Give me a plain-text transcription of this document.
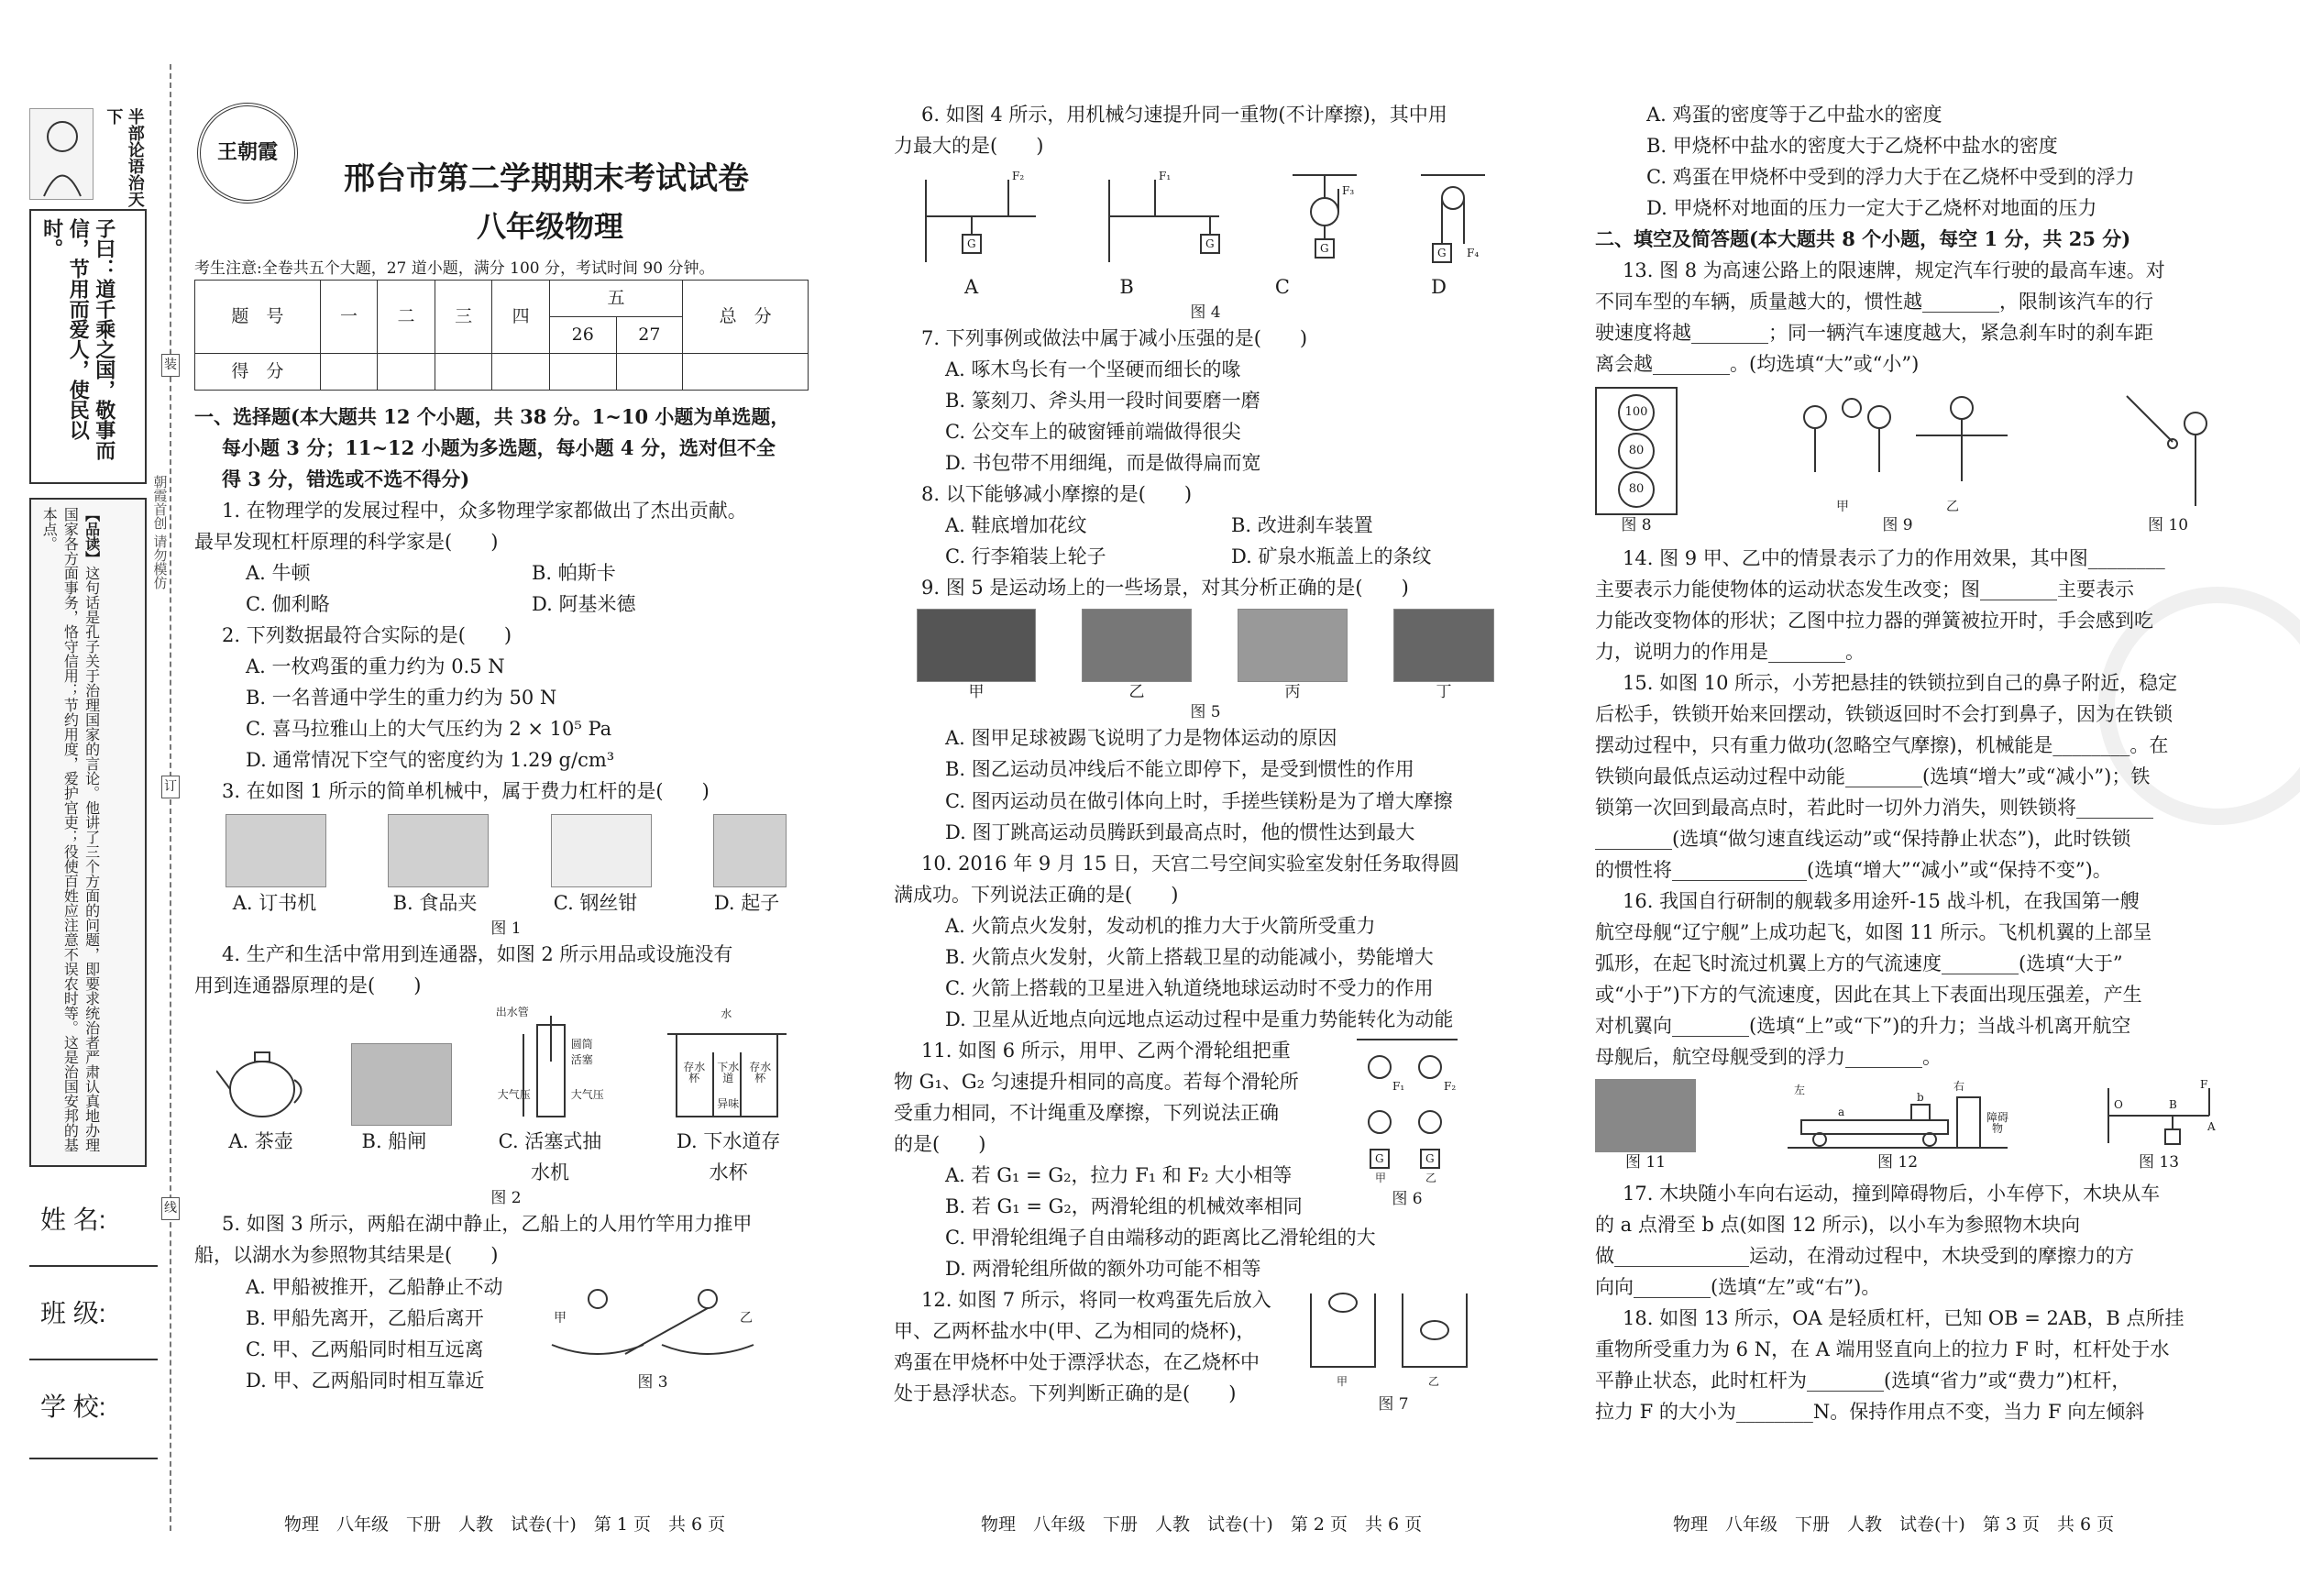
半部论语治天下
子曰：道千乘之国，敬事而信，节用而爱人，使民以时。
【品读】这句话是孔子关于治理国家的言论。他讲了三个方面的问题，即要求统治者严肃认真地办理国家各方面事务，恪守信用；节约用度，爱护官吏；役使百姓应注意不误农时等。这是治国安邦的基本点。	朝霞首创 请勿模仿
装
订
线
姓 名:
班 级:
学 校:
王朝霞
邢台市第二学期期末考试试卷
八年级物理
考生注意:全卷共五个大题，27 道小题，满分 100 分，考试时间 90 分钟。
题　号	一	二	三	四	五		总　分
					26	27	
得　分							
一、选择题(本大题共 12 个小题，共 38 分。1~10 小题为单选题，
每小题 3 分；11~12 小题为多选题，每小题 4 分，选对但不全
得 3 分，错选或不选不得分)
1. 在物理学的发展过程中，众多物理学家都做出了杰出贡献。
最早发现杠杆原理的科学家是(　　)
A. 牛顿	B. 帕斯卡
C. 伽利略	D. 阿基米德
2. 下列数据最符合实际的是(　　)
A. 一枚鸡蛋的重力约为 0.5 N
B. 一名普通中学生的重力约为 50 N
C. 喜马拉雅山上的大气压约为 2 × 10⁵ Pa
D. 通常情况下空气的密度约为 1.29 g/cm³
3. 在如图 1 所示的简单机械中，属于费力杠杆的是(　　)
A. 订书机	B. 食品夹	C. 钢丝钳	D. 起子
图 1
4. 生产和生活中常用到连通器，如图 2 所示用品或设施没有
用到连通器原理的是(　　)
出水管
圆筒
活塞
大气压	大气压
水
存水杯
下水道
存水杯
异味
A. 茶壶	B. 船闸	C. 活塞式抽水机
D. 下水道存水杯
图 2
5. 如图 3 所示，两船在湖中静止，乙船上的人用竹竿用力推甲
船，以湖水为参照物其结果是(　　)
A. 甲船被推开，乙船静止不动
B. 甲船先离开，乙船后离开
C. 甲、乙两船同时相互远离
D. 甲、乙两船同时相互靠近
甲	乙
图 3
物理　八年级　下册　人教　试卷(十)　第 1 页　共 6 页
6. 如图 4 所示，用机械匀速提升同一重物(不计摩擦)，其中用
力最大的是(　　)
F₂
G
F₁
G
F₃
G	F₄
G
A	B	C	D
图 4
7. 下列事例或做法中属于减小压强的是(　　)
A. 啄木鸟长有一个坚硬而细长的喙
B. 篆刻刀、斧头用一段时间要磨一磨
C. 公交车上的破窗锤前端做得很尖
D. 书包带不用细绳，而是做得扁而宽
8. 以下能够减小摩擦的是(　　)
A. 鞋底增加花纹	B. 改进刹车装置
C. 行李箱装上轮子	D. 矿泉水瓶盖上的条纹
9. 图 5 是运动场上的一些场景，对其分析正确的是(　　)
甲	乙	丙	丁
图 5
A. 图甲足球被踢飞说明了力是物体运动的原因
B. 图乙运动员冲线后不能立即停下，是受到惯性的作用
C. 图丙运动员在做引体向上时，手搓些镁粉是为了增大摩擦
D. 图丁跳高运动员腾跃到最高点时，他的惯性达到最大
10. 2016 年 9 月 15 日，天宫二号空间实验室发射任务取得圆
满成功。下列说法正确的是(　　)
A. 火箭点火发射，发动机的推力大于火箭所受重力
B. 火箭点火发射，火箭上搭载卫星的动能减小，势能增大
C. 火箭上搭载的卫星进入轨道绕地球运动时不受力的作用
D. 卫星从近地点向远地点运动过程中是重力势能转化为动能
11. 如图 6 所示，用甲、乙两个滑轮组把重
物 G₁、G₂ 匀速提升相同的高度。若每个滑轮所
受重力相同，不计绳重及摩擦，下列说法正确
的是(　　)
A. 若 G₁ = G₂，拉力 F₁ 和 F₂ 大小相等
B. 若 G₁ = G₂，两滑轮组的机械效率相同
C. 甲滑轮组绳子自由端移动的距离比乙滑轮组的大
D. 两滑轮组所做的额外功可能不相等
F₁	F₂
G	G
甲	乙
图 6
12. 如图 7 所示，将同一枚鸡蛋先后放入
甲、乙两杯盐水中(甲、乙为相同的烧杯)，
鸡蛋在甲烧杯中处于漂浮状态，在乙烧杯中
处于悬浮状态。下列判断正确的是(　　)
甲	乙
图 7
物理　八年级　下册　人教　试卷(十)　第 2 页　共 6 页
A. 鸡蛋的密度等于乙中盐水的密度
B. 甲烧杯中盐水的密度大于乙烧杯中盐水的密度
C. 鸡蛋在甲烧杯中受到的浮力大于在乙烧杯中受到的浮力
D. 甲烧杯对地面的压力一定大于乙烧杯对地面的压力
二、填空及简答题(本大题共 8 个小题，每空 1 分，共 25 分)
13. 图 8 为高速公路上的限速牌，规定汽车行驶的最高车速。对
不同车型的车辆，质量越大的，惯性越________，限制该汽车的行
驶速度将越________；同一辆汽车速度越大，紧急刹车时的刹车距
离会越________。(均选填“大”或“小”)
100
80
80
图 8
甲	乙
图 9	图 10
14. 图 9 甲、乙中的情景表示了力的作用效果，其中图________
主要表示力能使物体的运动状态发生改变；图________主要表示
力能改变物体的形状；乙图中拉力器的弹簧被拉开时，手会感到吃
力，说明力的作用是________。
15. 如图 10 所示，小芳把悬挂的铁锁拉到自己的鼻子附近，稳定
后松手，铁锁开始来回摆动，铁锁返回时不会打到鼻子，因为在铁锁
摆动过程中，只有重力做功(忽略空气摩擦)，机械能是________。在
铁锁向最低点运动过程中动能________(选填“增大”或“减小”)；铁
锁第一次回到最高点时，若此时一切外力消失，则铁锁将________
________(选填“做匀速直线运动”或“保持静止状态”)，此时铁锁
的惯性将______________(选填“增大”“减小”或“保持不变”)。
16. 我国自行研制的舰载多用途歼-15 战斗机，在我国第一艘
航空母舰“辽宁舰”上成功起飞，如图 11 所示。飞机机翼的上部呈
弧形，在起飞时流过机翼上方的气流速度________(选填“大于”
或“小于”)下方的气流速度，因此在其上下表面出现压强差，产生
对机翼向________(选填“上”或“下”)的升力；当战斗机离开航空
母舰后，航空母舰受到的浮力________。
图 11
左
a
b
右
障碍物
图 12
O	B
A
F
图 13
17. 木块随小车向右运动，撞到障碍物后，小车停下，木块从车
的 a 点滑至 b 点(如图 12 所示)，以小车为参照物木块向
做______________运动，在滑动过程中，木块受到的摩擦力的方
向向________(选填“左”或“右”)。
18. 如图 13 所示，OA 是轻质杠杆，已知 OB = 2AB，B 点所挂
重物所受重力为 6 N，在 A 端用竖直向上的拉力 F 时，杠杆处于水
平静止状态，此时杠杆为________(选填“省力”或“费力”)杠杆，
拉力 F 的大小为________N。保持作用点不变，当力 F 向左倾斜
物理　八年级　下册　人教　试卷(十)　第 3 页　共 6 页
